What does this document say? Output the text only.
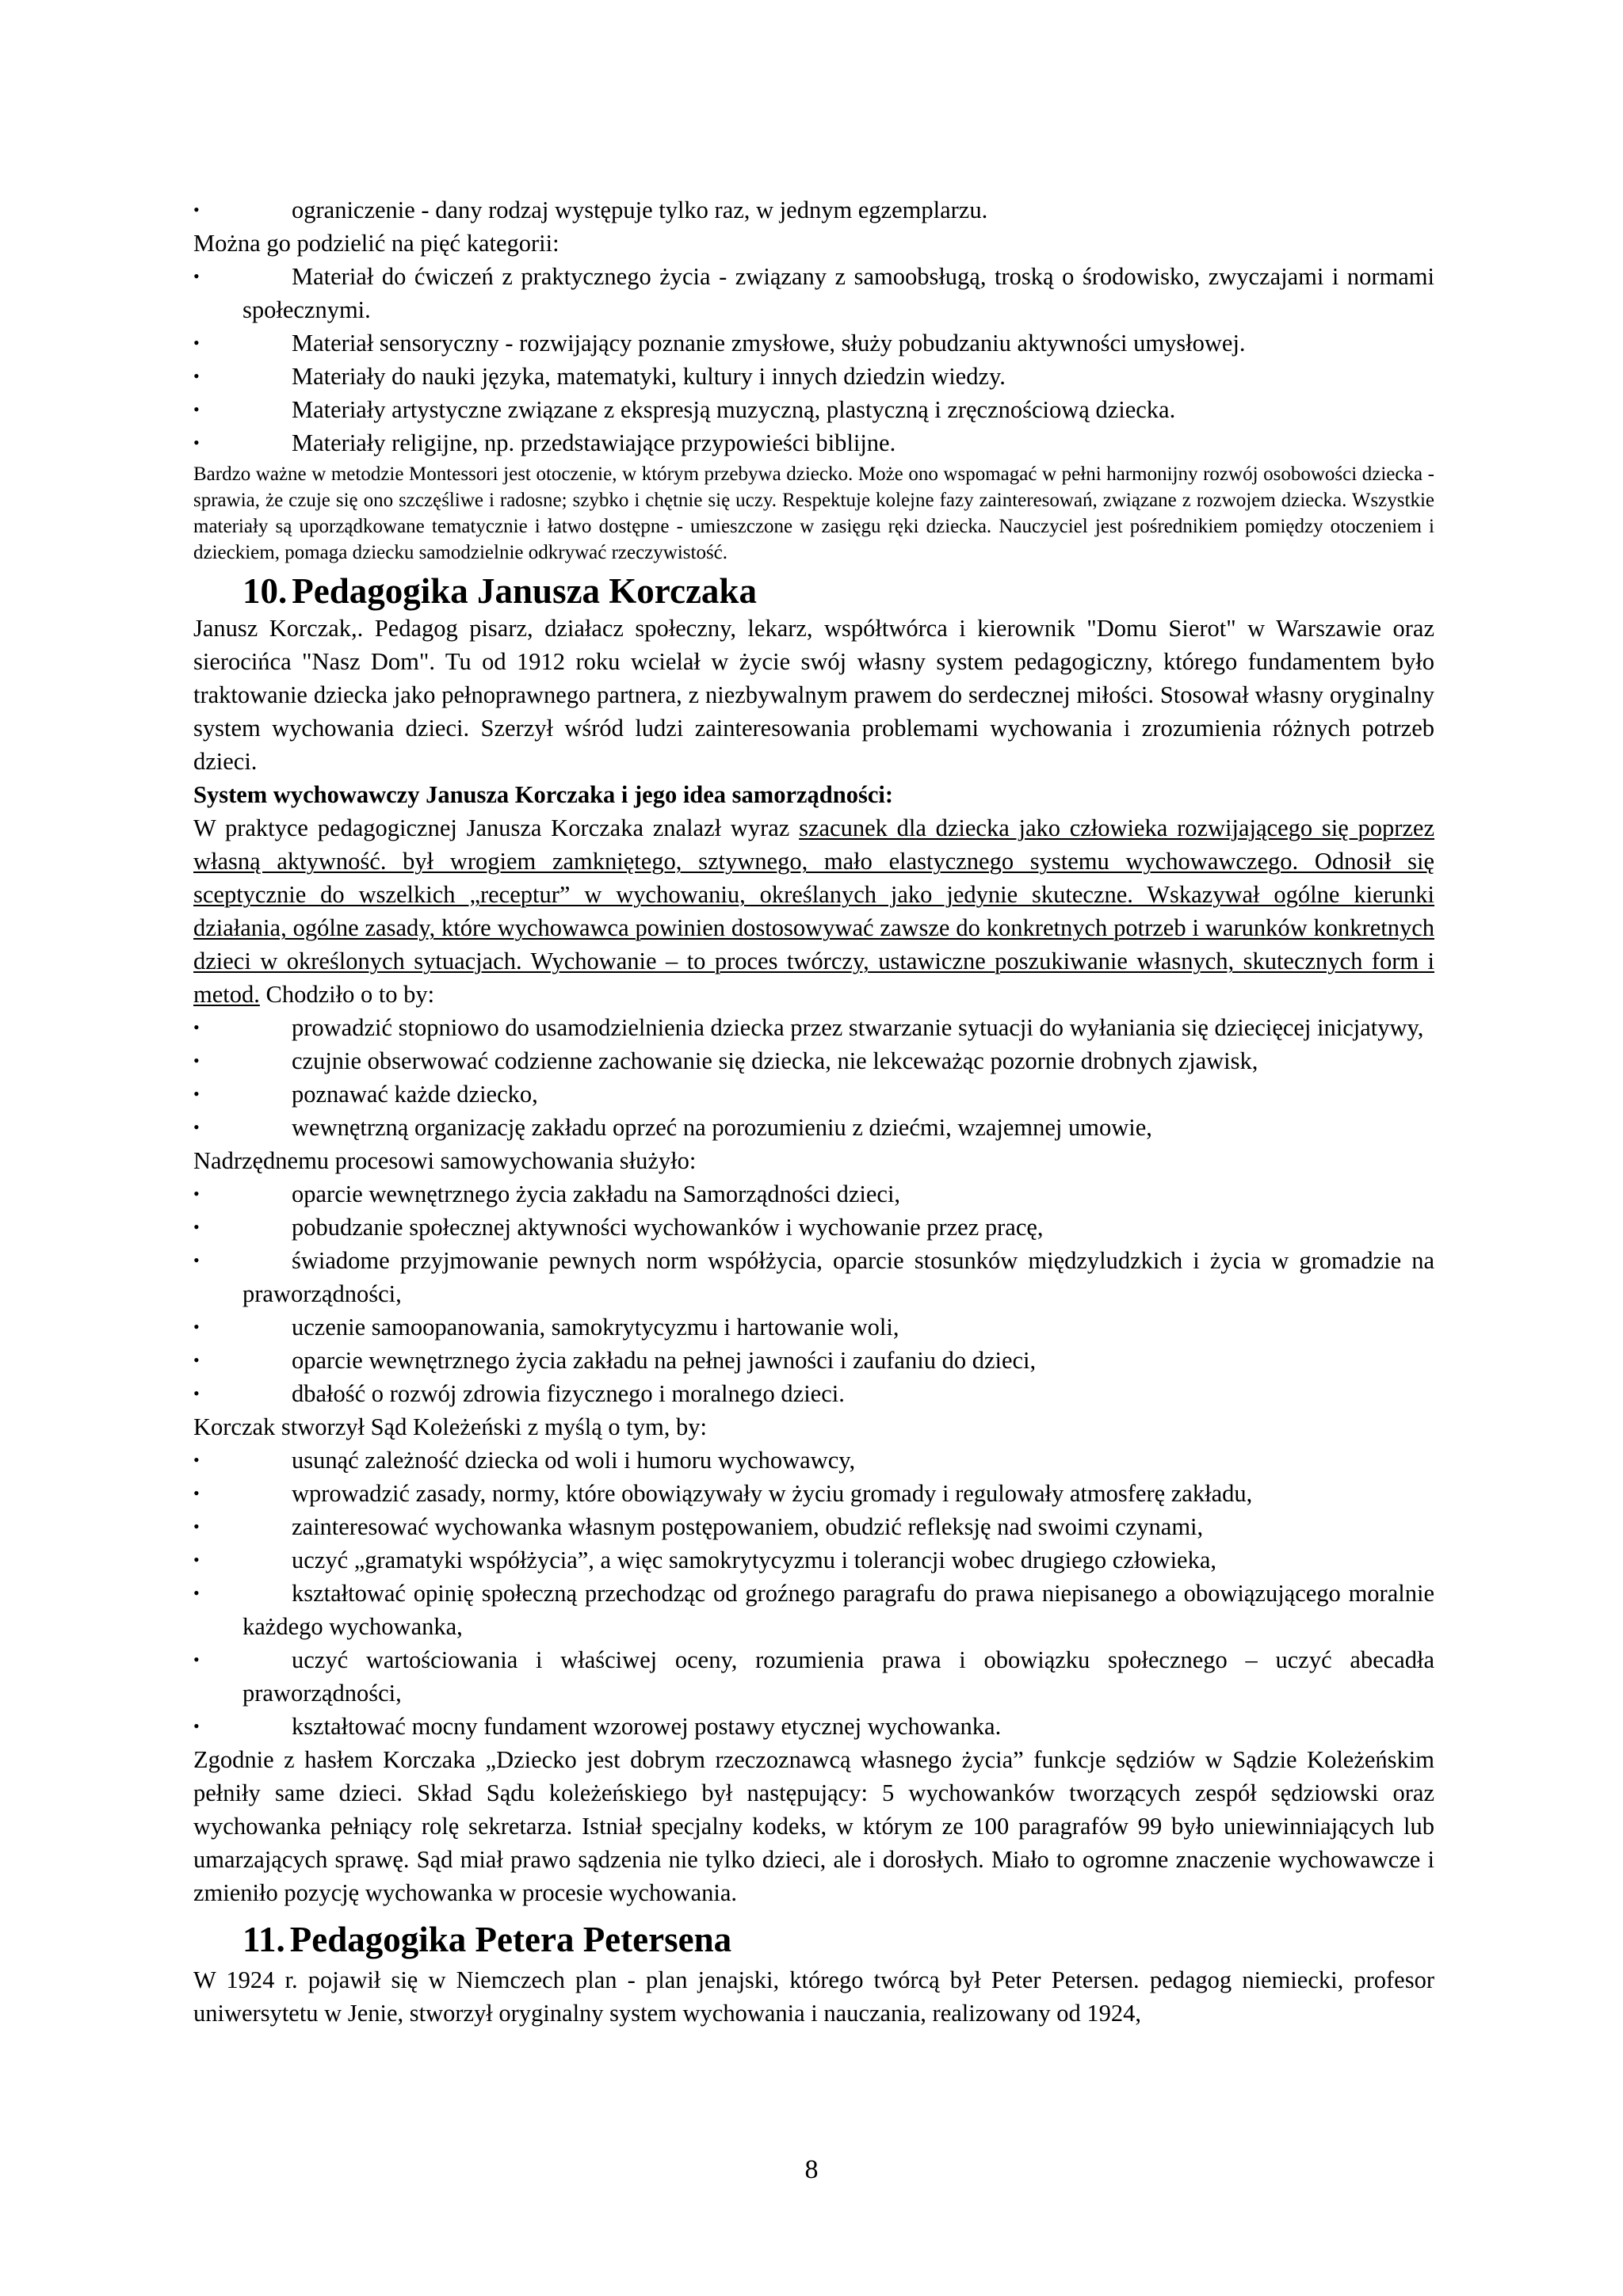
•	ograniczenie - dany rodzaj występuje tylko raz, w jednym egzemplarzu.
Można go podzielić na pięć kategorii:
•	Materiał do ćwiczeń z praktycznego życia - związany z samoobsługą, troską o środowisko, zwyczajami i normami społecznymi.
•	Materiał sensoryczny - rozwijający poznanie zmysłowe, służy pobudzaniu aktywności umysłowej.
•	Materiały do nauki języka, matematyki, kultury i innych dziedzin wiedzy.
•	Materiały artystyczne związane z ekspresją muzyczną, plastyczną i zręcznościową dziecka.
•	Materiały religijne, np. przedstawiające przypowieści biblijne.
Bardzo ważne w metodzie Montessori jest otoczenie, w którym przebywa dziecko. Może ono wspomagać w pełni harmonijny rozwój osobowości dziecka - sprawia, że czuje się ono szczęśliwe i radosne; szybko i chętnie się uczy. Respektuje kolejne fazy zainteresowań, związane z rozwojem dziecka. Wszystkie materiały są uporządkowane tematycznie i łatwo dostępne - umieszczone w zasięgu ręki dziecka. Nauczyciel jest pośrednikiem pomiędzy otoczeniem i dzieckiem, pomaga dziecku samodzielnie odkrywać rzeczywistość.
10. Pedagogika Janusza Korczaka
Janusz Korczak,. Pedagog pisarz, działacz społeczny, lekarz, współtwórca i kierownik "Domu Sierot" w Warszawie oraz sierocińca "Nasz Dom". Tu od 1912 roku wcielał w życie swój własny system pedagogiczny, którego fundamentem było traktowanie dziecka jako pełnoprawnego partnera, z niezbywalnym prawem do serdecznej miłości. Stosował własny oryginalny system wychowania dzieci. Szerzył wśród ludzi zainteresowania problemami wychowania i zrozumienia różnych potrzeb dzieci.
System wychowawczy Janusza Korczaka i jego idea samorządności:
W praktyce pedagogicznej Janusza Korczaka znalazł wyraz szacunek dla dziecka jako człowieka rozwijającego się poprzez własną aktywność. był wrogiem zamkniętego, sztywnego, mało elastycznego systemu wychowawczego. Odnosił się sceptycznie do wszelkich „receptur” w wychowaniu, określanych jako jedynie skuteczne. Wskazywał ogólne kierunki działania, ogólne zasady, które wychowawca powinien dostosowywać zawsze do konkretnych potrzeb i warunków konkretnych dzieci w określonych sytuacjach. Wychowanie – to proces twórczy, ustawiczne poszukiwanie własnych, skutecznych form i metod. Chodziło o to by:
•	prowadzić stopniowo do usamodzielnienia dziecka przez stwarzanie sytuacji do wyłaniania się dziecięcej inicjatywy,
•	czujnie obserwować codzienne zachowanie się dziecka, nie lekceważąc pozornie drobnych zjawisk,
•	poznawać każde dziecko,
•	wewnętrzną organizację zakładu oprzeć na porozumieniu z dziećmi, wzajemnej umowie,
Nadrzędnemu procesowi samowychowania służyło:
•	oparcie wewnętrznego życia zakładu na Samorządności dzieci,
•	pobudzanie społecznej aktywności wychowanków i wychowanie przez pracę,
•	świadome przyjmowanie pewnych norm współżycia, oparcie stosunków międzyludzkich i życia w gromadzie na praworządności,
•	uczenie samoopanowania, samokrytycyzmu i hartowanie woli,
•	oparcie wewnętrznego życia zakładu na pełnej jawności i zaufaniu do dzieci,
•	dbałość o rozwój zdrowia fizycznego i moralnego dzieci.
Korczak stworzył Sąd Koleżeński z myślą o tym, by:
•	usunąć zależność dziecka od woli i humoru wychowawcy,
•	wprowadzić zasady, normy, które obowiązywały w życiu gromady i regulowały atmosferę zakładu,
•	zainteresować wychowanka własnym postępowaniem, obudzić refleksję nad swoimi czynami,
•	uczyć „gramatyki współżycia”, a więc samokrytycyzmu i tolerancji wobec drugiego człowieka,
•	kształtować opinię społeczną przechodząc od groźnego paragrafu do prawa niepisanego a obowiązującego moralnie każdego wychowanka,
•	uczyć wartościowania i właściwej oceny, rozumienia prawa i obowiązku społecznego – uczyć abecadła praworządności,
•	kształtować mocny fundament wzorowej postawy etycznej wychowanka.
Zgodnie z hasłem Korczaka „Dziecko jest dobrym rzeczoznawcą własnego życia” funkcje sędziów w Sądzie Koleżeńskim pełniły same dzieci. Skład Sądu koleżeńskiego był następujący: 5 wychowanków tworzących zespół sędziowski oraz wychowanka pełniący rolę sekretarza. Istniał specjalny kodeks, w którym ze 100 paragrafów 99 było uniewinniających lub umarzających sprawę. Sąd miał prawo sądzenia nie tylko dzieci, ale i dorosłych. Miało to ogromne znaczenie wychowawcze i zmieniło pozycję wychowanka w procesie wychowania.
11. Pedagogika Petera Petersena
W 1924 r. pojawił się w Niemczech plan - plan jenajski, którego twórcą był Peter Petersen. pedagog niemiecki, profesor uniwersytetu w Jenie, stworzył oryginalny system wychowania i nauczania, realizowany od 1924,
8
